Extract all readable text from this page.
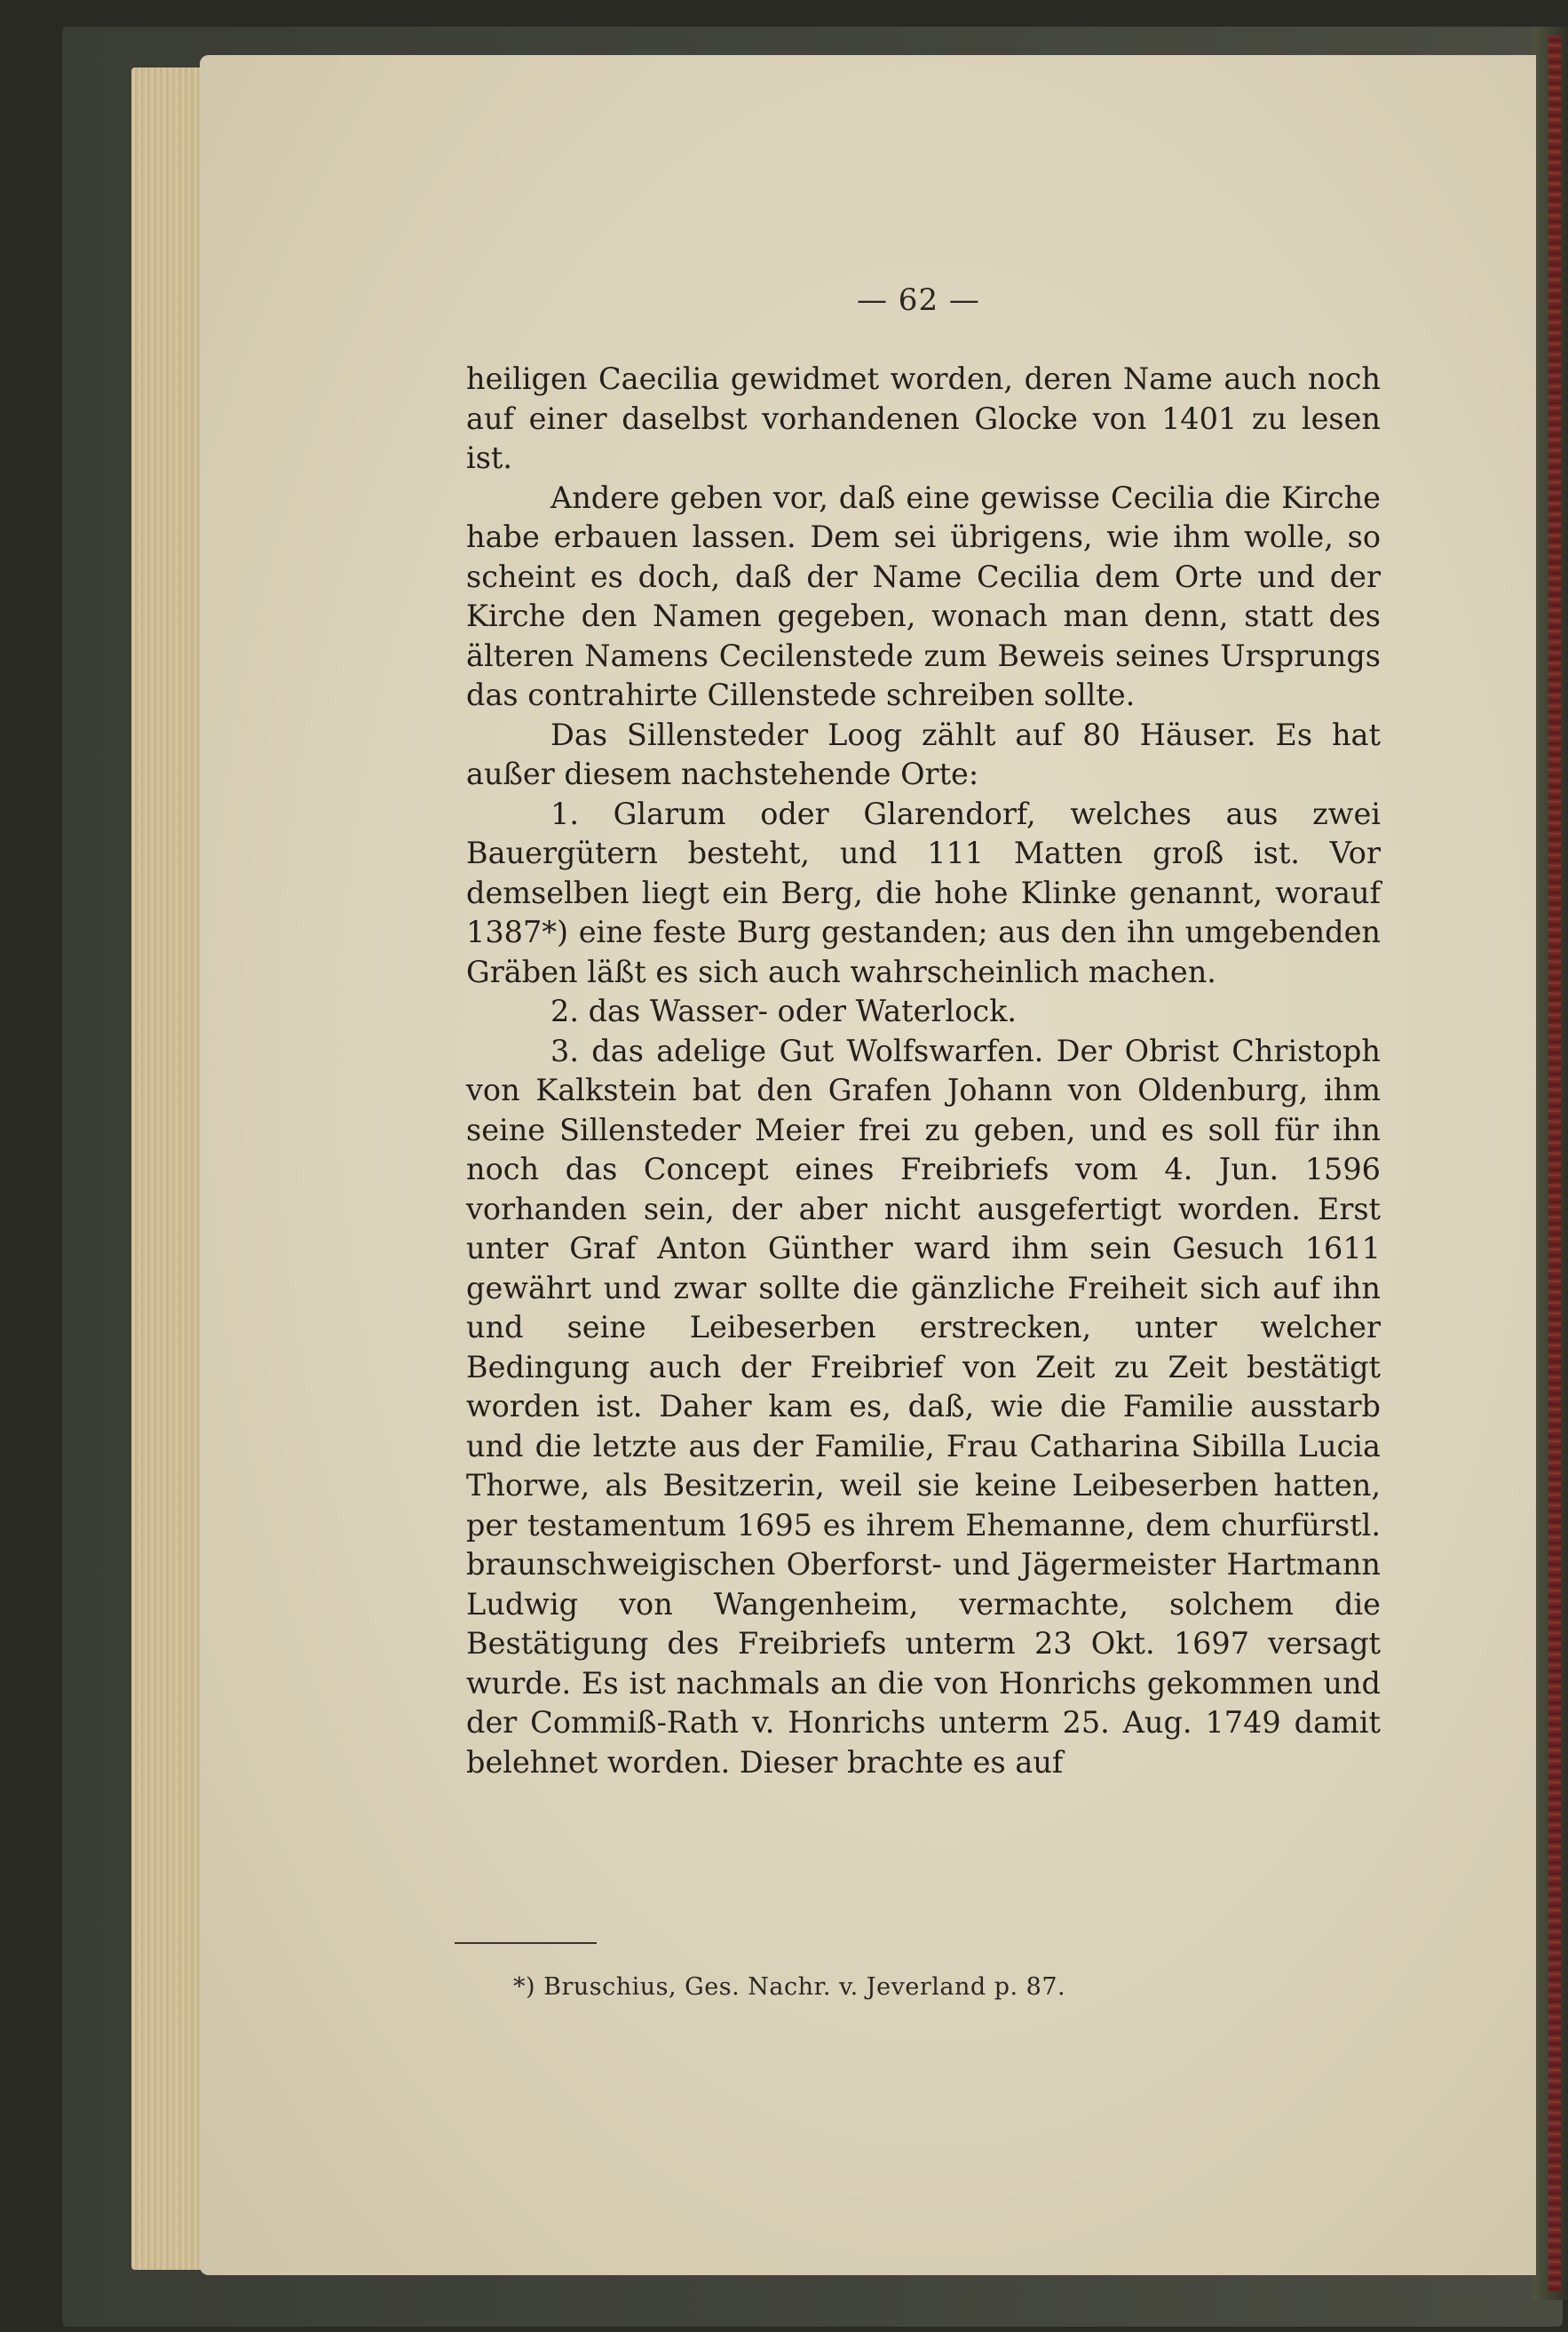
— 62 —

heiligen Caecilia gewidmet worden, deren Name auch noch auf einer daselbst vorhandenen Glocke von 1401 zu lesen ist.

Andere geben vor, daß eine gewisse Cecilia die Kirche habe erbauen lassen. Dem sei übrigens, wie ihm wolle, so scheint es doch, daß der Name Cecilia dem Orte und der Kirche den Namen gegeben, wonach man denn, statt des älteren Namens Cecilenstede zum Beweis seines Ursprungs das contrahirte Cillenstede schreiben sollte.

Das Sillensteder Loog zählt auf 80 Häuser. Es hat außer diesem nachstehende Orte:

1. Glarum oder Glarendorf, welches aus zwei Bauergütern besteht, und 111 Matten groß ist. Vor demselben liegt ein Berg, die hohe Klinke genannt, worauf 1387*) eine feste Burg gestanden; aus den ihn umgebenden Gräben läßt es sich auch wahrscheinlich machen.

2. das Wasser- oder Waterlock.

3. das adelige Gut Wolfswarfen. Der Obrist Christoph von Kalkstein bat den Grafen Johann von Oldenburg, ihm seine Sillensteder Meier frei zu geben, und es soll für ihn noch das Concept eines Freibriefs vom 4. Jun. 1596 vorhanden sein, der aber nicht ausgefertigt worden. Erst unter Graf Anton Günther ward ihm sein Gesuch 1611 gewährt und zwar sollte die gänzliche Freiheit sich auf ihn und seine Leibeserben erstrecken, unter welcher Bedingung auch der Freibrief von Zeit zu Zeit bestätigt worden ist. Daher kam es, daß, wie die Familie ausstarb und die letzte aus der Familie, Frau Catharina Sibilla Lucia Thorwe, als Besitzerin, weil sie keine Leibeserben hatten, per testamentum 1695 es ihrem Ehemanne, dem churfürstl. braunschweigischen Oberforst- und Jägermeister Hartmann Ludwig von Wangenheim, vermachte, solchem die Bestätigung des Freibriefs unterm 23 Okt. 1697 versagt wurde. Es ist nachmals an die von Honrichs gekommen und der Commiß-Rath v. Honrichs unterm 25. Aug. 1749 damit belehnet worden. Dieser brachte es auf

*) Bruschius, Ges. Nachr. v. Jeverland p. 87.
